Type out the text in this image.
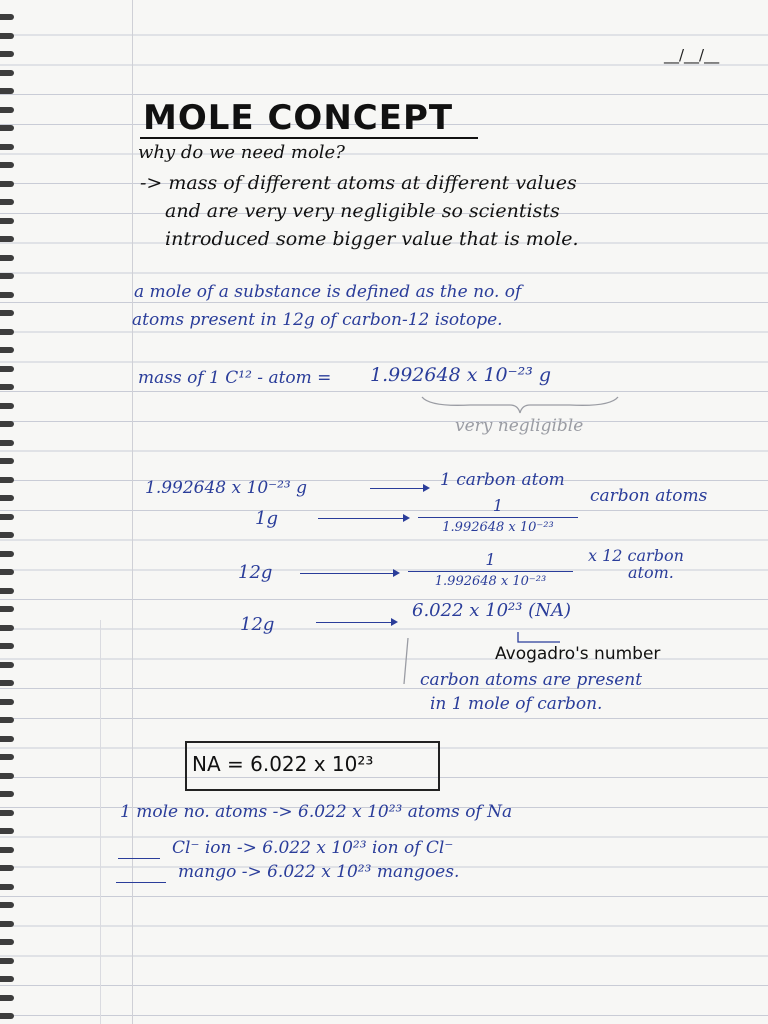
__/__/__
MOLE CONCEPT
why do we need mole?
-> mass of different atoms at different values
and are very very negligible so scientists
introduced some bigger value that is mole.
a mole of a substance is defined as the no. of
atoms present in 12g of carbon-12 isotope.
mass of 1 C¹² - atom = 1.992648 x 10⁻²³ g
very negligible
1.992648 x 10⁻²³ g	1 carbon atom
1g
1
1.992648 x 10⁻²³
carbon atoms
12g
1
1.992648 x 10⁻²³
x 12 carbon
atom.
12g
6.022 x 10²³ (NA)
Avogadro's number
carbon atoms are present
in 1 mole of carbon.
NA = 6.022 x 10²³
1 mole no. atoms -> 6.022 x 10²³ atoms of Na
Cl⁻ ion -> 6.022 x 10²³ ion of Cl⁻
mango -> 6.022 x 10²³ mangoes.
